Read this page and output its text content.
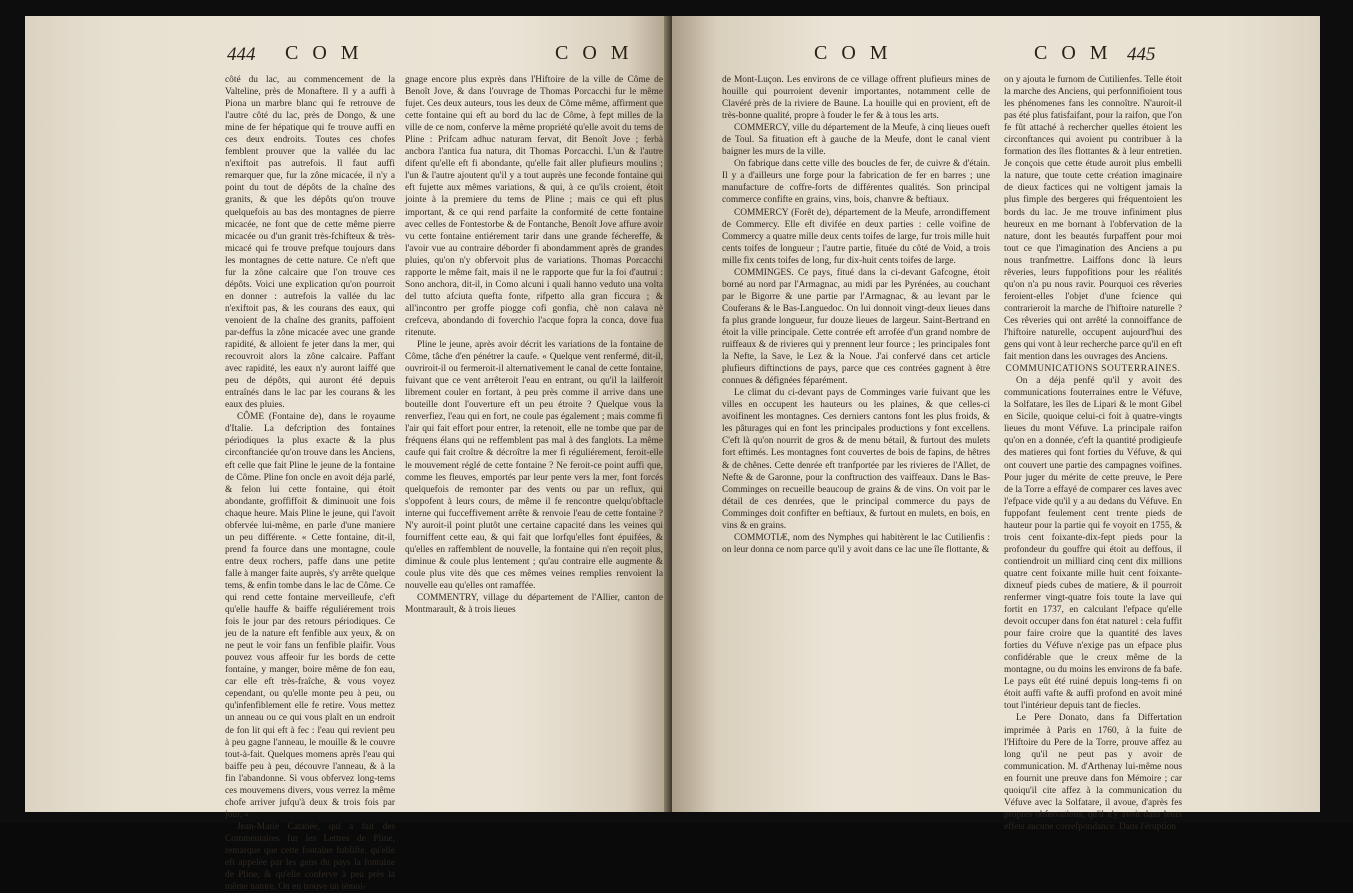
444 COM	COM

côté du lac, au commencement de la Valteline, près de Monaftere. Il y a auffi à Piona un marbre blanc qui fe retrouve de l'autre côté du lac, près de Dongo, & une mine de fer hépatique qui fe trouve auffi en ces deux endroits. Toutes ces chofes femblent prouver que la vallée du lac n'exiftoit pas autrefois. Il faut auffi remarquer que, fur la zône micacée, il n'y a point du tout de dépôts de la chaîne des granits, & que les dépôts qu'on trouve quelquefois au bas des montagnes de pierre micacée, ne font que de cette même pierre micacée ou d'un granit très-fchifteux & très-micacé qui fe trouve prefque toujours dans les montagnes de cette nature. Ce n'eft que fur la zône calcaire que l'on trouve ces dépôts. Voici une explication qu'on pourroit en donner : autrefois la vallée du lac n'exiftoit pas, & les courans des eaux, qui venoient de la chaîne des granits, paffoient par-deffus la zône micacée avec une grande rapidité, & alloient fe jeter dans la mer, qui recouvroit alors la zône calcaire. Paffant avec rapidité, les eaux n'y auront laiffé que peu de dépôts, qui auront été depuis entraînés dans le lac par les courans & les eaux des pluies.

CÔME (Fontaine de), dans le royaume d'Italie. La defcription des fontaines périodiques la plus exacte & la plus circonftanciée qu'on trouve dans les Anciens, eft celle que fait Pline le jeune de la fontaine de Côme. Pline fon oncle en avoit déja parlé, & felon lui cette fontaine, qui étoit abondante, groffiffoit & diminuoit une fois chaque heure. Mais Pline le jeune, qui l'avoit obfervée lui-même, en parle d'une maniere un peu différente. « Cette fontaine, dit-il, prend fa fource dans une montagne, coule entre deux rochers, paffe dans une petite falle à manger faite auprès, s'y arrête quelque tems, & enfin tombe dans le lac de Côme. Ce qui rend cette fontaine merveilleufe, c'eft qu'elle hauffe & baiffe réguliérement trois fois le jour par des retours périodiques. Ce jeu de la nature eft fenfible aux yeux, & on ne peut le voir fans un fenfible plaifir. Vous pouvez vous affeoir fur les bords de cette fontaine, y manger, boire même de fon eau, car elle eft très-fraîche, & vous voyez cependant, ou qu'elle monte peu à peu, ou qu'infenfiblement elle fe retire. Vous mettez un anneau ou ce qui vous plaît en un endroit de fon lit qui eft à fec : l'eau qui revient peu à peu gagne l'anneau, le mouille & le couvre tout-à-fait. Quelques momens après l'eau qui baiffe peu à peu, découvre l'anneau, & à la fin l'abandonne. Si vous obfervez long-tems ces mouvemens divers, vous verrez la même chofe arriver jufqu'à deux & trois fois par jour. »

Jean-Marie Catanée, qui a fait des Commentaires fur les Lettres de Pline, remarque que cette fontaine fubfifte, qu'elle eft appelée par les gens du pays la fontaine de Pline, & qu'elle conferve à peu près la même nature. On en trouve un témoi-

gnage encore plus exprès dans l'Hiftoire de la ville de Côme de Benoît Jove, & dans l'ouvrage de Thomas Porcacchi fur le même fujet. Ces deux auteurs, tous les deux de Côme même, affirment que cette fontaine qui eft au bord du lac de Côme, à fept milles de la ville de ce nom, conferve la même propriété qu'elle avoit du tems de Pline : Prifcam adhuc naturam fervat, dit Benoît Jove ; ferbà ancbora l'antica fua natura, dit Thomas Porcacchi. L'un & l'autre difent qu'elle eft fi abondante, qu'elle fait aller plufieurs moulins ; l'un & l'autre ajoutent qu'il y a tout auprès une feconde fontaine qui eft fujette aux mêmes variations, & qui, à ce qu'ils croient, étoit jointe à la premiere du tems de Pline ; mais ce qui eft plus important, & ce qui rend parfaite la conformité de cette fontaine avec celles de Fontestorbe & de Fontanche, Benoît Jove affure avoir vu cette fontaine entiérement tarir dans une grande féchereffe, & l'avoir vue au contraire déborder fi abondamment après de grandes pluies, qu'on n'y obfervoit plus de variations. Thomas Porcacchi rapporte le même fait, mais il ne le rapporte que fur la foi d'autrui : Sono anchora, dit-il, in Como alcuni i quali hanno veduto una volta del tutto afciuta quefta fonte, rifpetto alla gran ficcura ; & all'incontro per groffe piogge cofi gonfia, chè non calava nè crefceva, abondando di foverchio l'acque fopra la conca, dove fua ritenute.

Pline le jeune, après avoir décrit les variations de la fontaine de Côme, tâche d'en pénétrer la caufe. « Quelque vent renfermé, dit-il, ouvriroit-il ou fermeroit-il alternativement le canal de cette fontaine, fuivant que ce vent arrêteroit l'eau en entrant, ou qu'il la lailferoit librement couler en fortant, à peu près comme il arrive dans une bouteille dont l'ouverture eft un peu étroite ? Quelque vous la renverfiez, l'eau qui en fort, ne coule pas également ; mais comme fi l'air qui fait effort pour entrer, la retenoit, elle ne tombe que par de fréquens élans qui ne reffemblent pas mal à des fanglots. La même caufe qui fait croître & décroître la mer fi réguliérement, feroit-elle le mouvement réglé de cette fontaine ? Ne feroit-ce point auffi que, comme les fleuves, emportés par leur pente vers la mer, font forcés quelquefois de remonter par des vents ou par un reflux, qui s'oppofent à leurs cours, de même il fe rencontre quelqu'obftacle interne qui fucceffivement arrête & renvoie l'eau de cette fontaine ? N'y auroit-il point plutôt une certaine capacité dans les veines qui fourniffent cette eau, & qui fait que lorfqu'elles font épuifées, & qu'elles en raffemblent de nouvelle, la fontaine qui n'en reçoit plus, diminue & coule plus lentement ; qu'au contraire elle augmente & coule plus vite dès que ces mêmes veines remplies renvoient la nouvelle eau qu'elles ont ramaffée.

COMMENTRY, village du département de l'Allier, canton de Montmarault, & à trois lieues

COM	COM 445

de Mont-Luçon. Les environs de ce village offrent plufieurs mines de houille qui pourroient devenir importantes, notamment celle de Clavéré près de la riviere de Baune. La houille qui en provient, eft de très-bonne qualité, propre à fouder le fer & à tous les arts.

COMMERCY, ville du département de la Meufe, à cinq lieues oueft de Toul. Sa fituation eft à gauche de la Meufe, dont le canal vient baigner les murs de la ville.

On fabrique dans cette ville des boucles de fer, de cuivre & d'étain. Il y a d'ailleurs une forge pour la fabrication de fer en barres ; une manufacture de coffre-forts de différentes qualités. Son principal commerce confifte en grains, vins, bois, chanvre & beftiaux.

COMMERCY (Forêt de), département de la Meufe, arrondiffement de Commercy. Elle eft divifée en deux parties : celle voifine de Commercy a quatre mille deux cents toifes de large, fur trois mille huit cents toifes de longueur ; l'autre partie, fituée du côté de Void, a trois mille fix cents toifes de long, fur dix-huit cents toifes de large.

COMMINGES. Ce pays, fitué dans la ci-devant Gafcogne, étoit borné au nord par l'Armagnac, au midi par les Pyrénées, au couchant par le Bigorre & une partie par l'Armagnac, & au levant par le Couferans & le Bas-Languedoc. On lui donnoit vingt-deux lieues dans fa plus grande longueur, fur douze lieues de largeur. Saint-Bertrand en étoit la ville principale. Cette contrée eft arrofée d'un grand nombre de ruiffeaux & de rivieres qui y prennent leur fource ; les principales font la Nefte, la Save, le Lez & la Noue. J'ai confervé dans cet article plufieurs diftinctions de pays, parce que ces contrées gagnent à être connues & défignées féparément.

Le climat du ci-devant pays de Comminges varie fuivant que les villes en occupent les hauteurs ou les plaines, & que celles-ci avoifinent les montagnes. Ces derniers cantons font les plus froids, & les pâturages qui en font les principales productions y font excellens. C'eft là qu'on nourrit de gros & de menu bétail, & furtout des mulets fort eftimés. Les montagnes font couvertes de bois de fapins, de hêtres & de chênes. Cette denrée eft tranfportée par les rivieres de l'Allet, de Nefte & de Garonne, pour la conftruction des vaiffeaux. Dans le Bas-Comminges on recueille beaucoup de grains & de vins. On voit par le détail de ces denrées, que le principal commerce du pays de Comminges doit confifter en beftiaux, & furtout en mulets, en bois, en vins & en grains.

COMMOTIÆ, nom des Nymphes qui habitèrent le lac Cutilienfis : on leur donna ce nom parce qu'il y avoit dans ce lac une île flottante, &

on y ajouta le furnom de Cutilienfes. Telle étoit la marche des Anciens, qui perfonnifioient tous les phénomenes fans les connoître. N'auroit-il pas été plus fatisfaifant, pour la raifon, que l'on fe fût attaché à rechercher quelles étoient les circonftances qui avoient pu contribuer à la formation des îles flottantes & à leur entretien. Je conçois que cette étude auroit plus embelli la nature, que toute cette création imaginaire de dieux factices qui ne voltigent jamais la plus fimple des bergeres qui fréquentoient les bords du lac. Je me trouve infiniment plus heureux en me bornant à l'obfervation de la nature, dont les beautés furpaffent pour moi tout ce que l'imagination des Anciens a pu nous tranfmettre. Laiffons donc là leurs rêveries, leurs fuppofitions pour les réalités qu'on n'a pu nous ravir. Pourquoi ces rêveries feroient-elles l'objet d'une fcience qui contrarieroit la marche de l'hiftoire naturelle ? Ces rêveries qui ont arrêté la connoiffance de l'hiftoire naturelle, occupent aujourd'hui des gens qui vont à leur recherche parce qu'il en eft fait mention dans les ouvrages des Anciens.

COMMUNICATIONS SOUTERRAINES.

On a déja penfé qu'il y avoit des communications fouterraines entre le Véfuve, la Solfatare, les îles de Lipari & le mont Gibel en Sicile, quoique celui-ci foit à quatre-vingts lieues du mont Véfuve. La principale raifon qu'on en a donnée, c'eft la quantité prodigieufe des matieres qui font forties du Véfuve, & qui ont couvert une partie des campagnes voifines. Pour juger du mérite de cette preuve, le Pere de la Torre a effayé de comparer ces laves avec l'efpace vide qu'il y a au dedans du Véfuve. En fuppofant feulement cent trente pieds de hauteur pour la partie qui fe voyoit en 1755, & trois cent foixante-dix-fept pieds pour la profondeur du gouffre qui étoit au deffous, il contiendroit un milliard cinq cent dix millions quatre cent foixante mille huit cent foixante-dixneuf pieds cubes de matiere, & il pourroit renfermer vingt-quatre fois toute la lave qui fortit en 1737, en calculant l'efpace qu'elle devoit occuper dans fon état naturel : cela fuffit pour faire croire que la quantité des laves forties du Véfuve n'exige pas un efpace plus confidérable que le creux même de la montagne, ou du moins les environs de fa bafe. Le pays eût été ruiné depuis long-tems fi on étoit auffi vafte & auffi profond en avoit miné tout l'intérieur depuis tant de fiecles.

Le Pere Donato, dans fa Differtation imprimée à Paris en 1760, à la fuite de l'Hiftoire du Pere de la Torre, prouve affez au long qu'il ne peut pas y avoir de communication. M. d'Arthenay lui-même nous en fournit une preuve dans fon Mémoire ; car quoiqu'il cite affez à la communication du Véfuve avec la Solfatare, il avoue, d'après fes propres obfervations, qu'il n'y avoit dans leurs effets aucune correfpondance. Dans l'éruption
